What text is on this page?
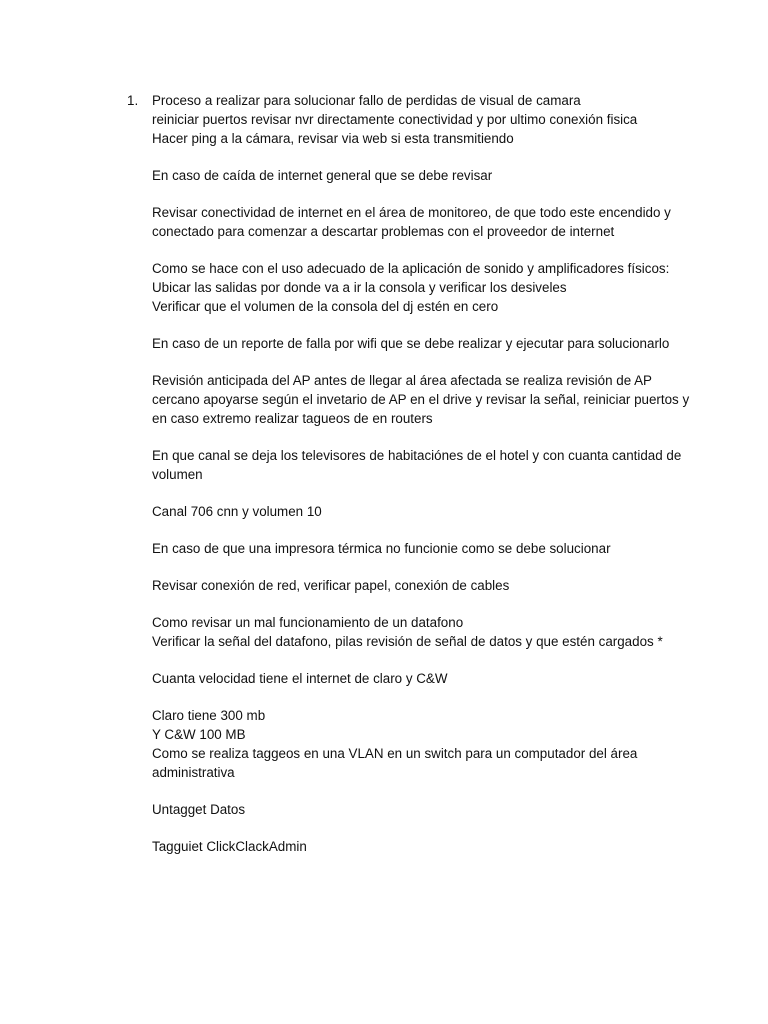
1. Proceso a realizar para solucionar fallo de perdidas de visual de camara
reiniciar puertos revisar nvr directamente conectividad y por ultimo conexión fisica
Hacer ping a la cámara, revisar via web si esta transmitiendo
En caso de caída de internet general que se debe revisar
Revisar conectividad de internet en el área de monitoreo, de que todo este encendido y
conectado para comenzar a descartar problemas con el proveedor de internet
Como se hace con el uso adecuado de la aplicación de sonido y amplificadores físicos:
Ubicar las salidas por donde va a ir la consola y verificar los desiveles
Verificar que el volumen de la consola del dj estén en cero
En caso de un reporte de falla por wifi que se debe realizar y ejecutar para solucionarlo
Revisión anticipada del AP antes de llegar al área afectada se realiza revisión de AP
cercano apoyarse según el invetario de AP en el drive y revisar la señal, reiniciar puertos y
en caso extremo realizar tagueos de en routers
En que canal se deja los televisores de habitaciónes de el hotel y con cuanta cantidad de
volumen
Canal 706 cnn y volumen 10
En caso de que una impresora térmica no funcionie como se debe solucionar
Revisar conexión de red, verificar papel, conexión de cables
Como revisar un mal funcionamiento de un datafono
Verificar la señal del datafono, pilas revisión de señal de datos y que estén cargados *
Cuanta velocidad tiene el internet de claro y C&W
Claro tiene 300 mb
Y C&W 100 MB
Como se realiza taggeos en una VLAN en un switch para un computador del área
administrativa
Untagget Datos
Tagguiet ClickClackAdmin
